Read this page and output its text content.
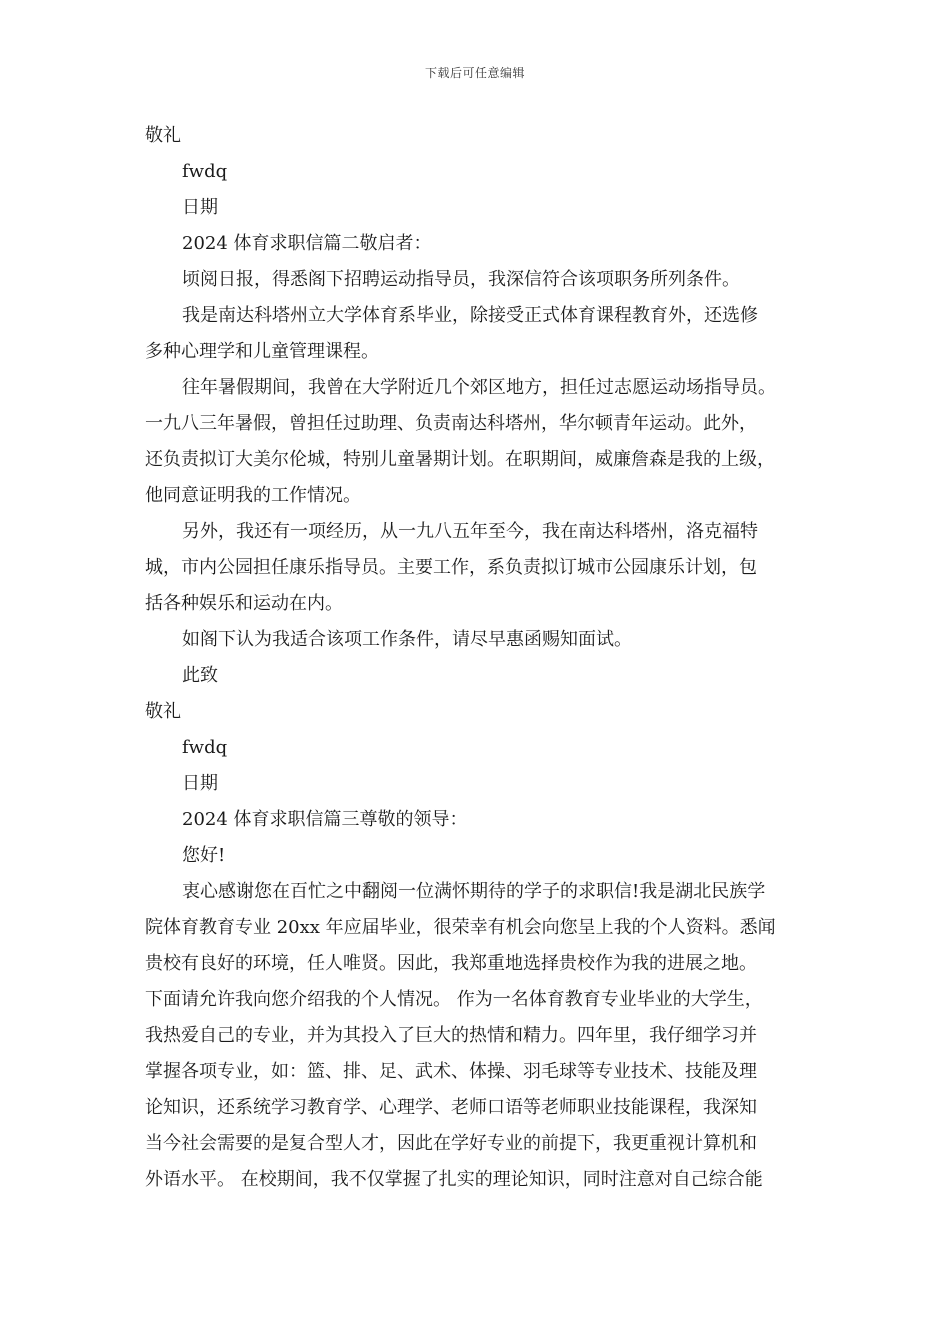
下载后可任意编辑
敬礼
fwdq
日期
2024 体育求职信篇二敬启者：
顷阅日报，得悉阁下招聘运动指导员，我深信符合该项职务所列条件。
我是南达科塔州立大学体育系毕业，除接受正式体育课程教育外，还选修
多种心理学和儿童管理课程。
往年暑假期间，我曾在大学附近几个郊区地方，担任过志愿运动场指导员。
一九八三年暑假，曾担任过助理、负责南达科塔州，华尔顿青年运动。此外，
还负责拟订大美尔伦城，特别儿童暑期计划。在职期间，威廉詹森是我的上级，
他同意证明我的工作情况。
另外，我还有一项经历，从一九八五年至今，我在南达科塔州，洛克福特
城，市内公园担任康乐指导员。主要工作，系负责拟订城市公园康乐计划，包
括各种娱乐和运动在内。
如阁下认为我适合该项工作条件，请尽早惠函赐知面试。
此致
敬礼
fwdq
日期
2024 体育求职信篇三尊敬的领导：
您好!
衷心感谢您在百忙之中翻阅一位满怀期待的学子的求职信!我是湖北民族学
院体育教育专业 20xx 年应届毕业，很荣幸有机会向您呈上我的个人资料。悉闻
贵校有良好的环境，任人唯贤。因此，我郑重地选择贵校作为我的进展之地。
下面请允许我向您介绍我的个人情况。 作为一名体育教育专业毕业的大学生，
我热爱自己的专业，并为其投入了巨大的热情和精力。四年里，我仔细学习并
掌握各项专业，如：篮、排、足、武术、体操、羽毛球等专业技术、技能及理
论知识，还系统学习教育学、心理学、老师口语等老师职业技能课程，我深知
当今社会需要的是复合型人才，因此在学好专业的前提下，我更重视计算机和
外语水平。 在校期间，我不仅掌握了扎实的理论知识，同时注意对自己综合能
